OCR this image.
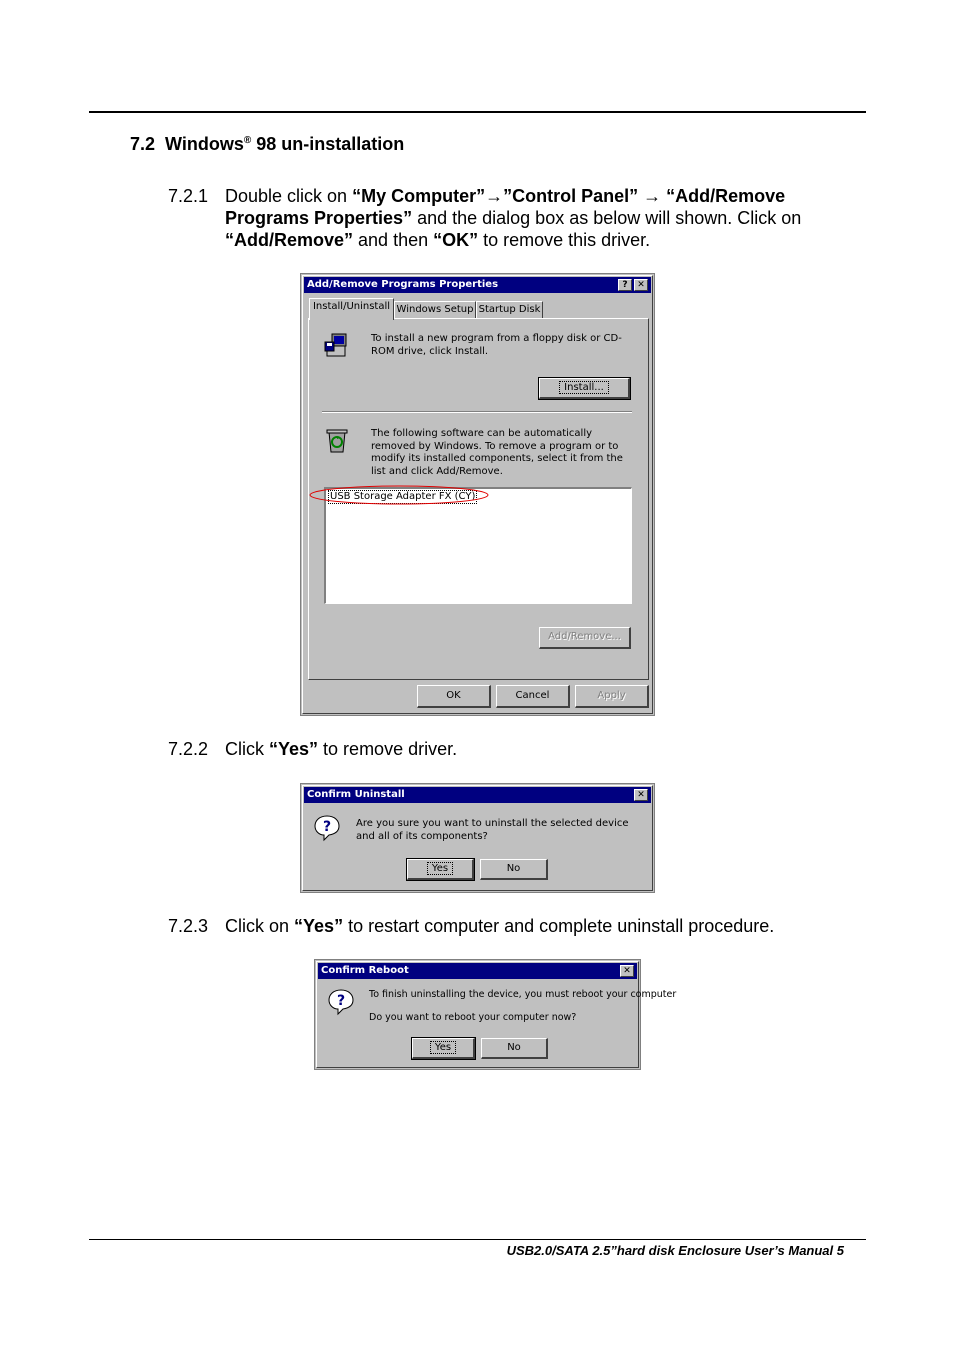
7.2 Windows® 98 un-installation
7.2.1 Double click on “My Computer”→”Control Panel” → “Add/Remove Programs Properties” and the dialog box as below will shown. Click on “Add/Remove” and then “OK” to remove this driver.
Add/Remove Programs Properties	?	✕
Install/Uninstall Windows Setup Startup Disk
To install a new program from a floppy disk or CD-ROM drive, click Install.
Install...
The following software can be automatically removed by Windows. To remove a program or to modify its installed components, select it from the list and click Add/Remove.
USB Storage Adapter FX (CY)
Add/Remove...
OK	Cancel	Apply
7.2.2 Click “Yes” to remove driver.
Confirm Uninstall	✕
? Are you sure you want to uninstall the selected device and all of its components?
Yes	No
7.2.3 Click on “Yes” to restart computer and complete uninstall procedure.
Confirm Reboot	✕
?	To finish uninstalling the device, you must reboot your computer
Do you want to reboot your computer now?
Yes	No
USB2.0/SATA 2.5”hard disk Enclosure User’s Manual 5
